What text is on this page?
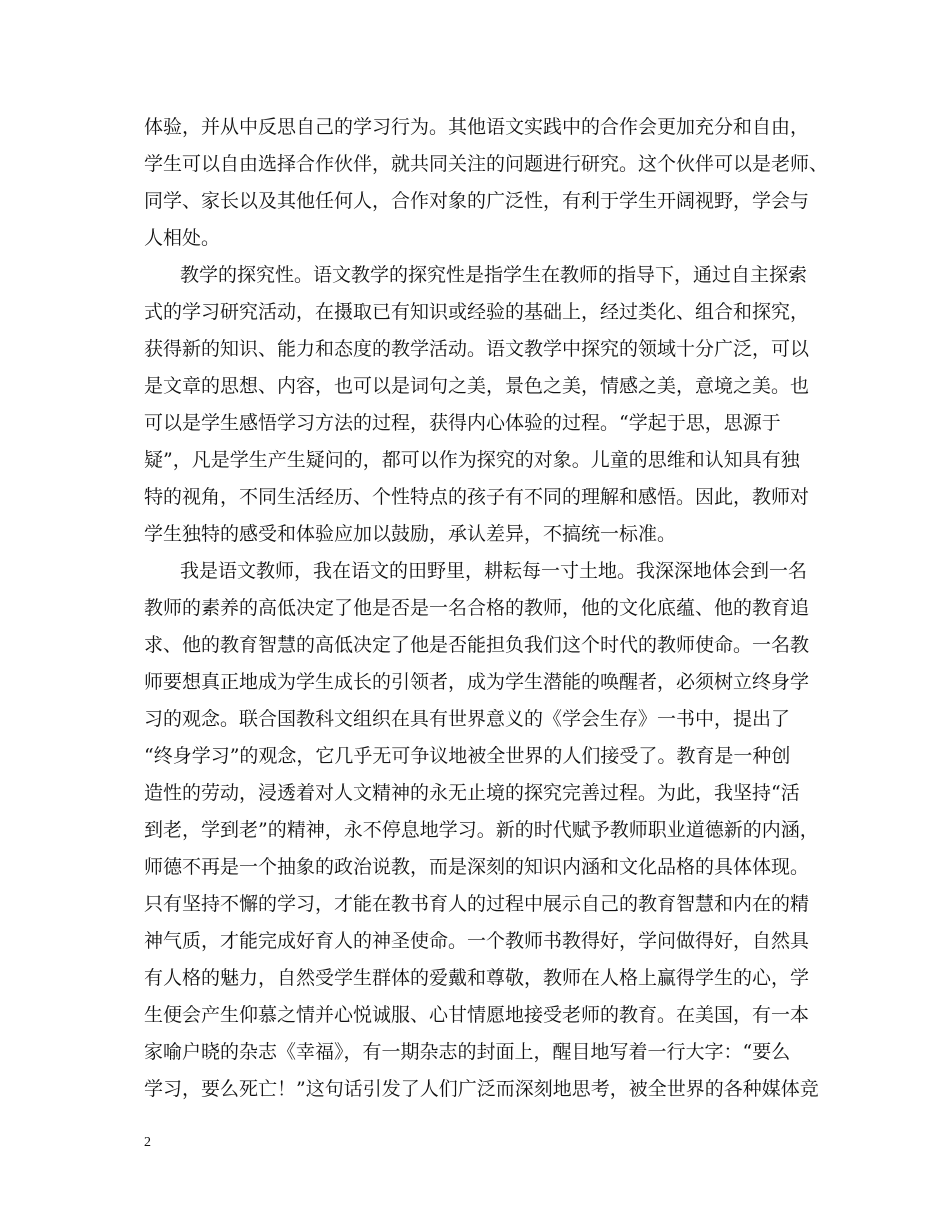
体验，并从中反思自己的学习行为。其他语文实践中的合作会更加充分和自由，
学生可以自由选择合作伙伴，就共同关注的问题进行研究。这个伙伴可以是老师、
同学、家长以及其他任何人，合作对象的广泛性，有利于学生开阔视野，学会与
人相处。
教学的探究性。语文教学的探究性是指学生在教师的指导下，通过自主探索
式的学习研究活动，在摄取已有知识或经验的基础上，经过类化、组合和探究，
获得新的知识、能力和态度的教学活动。语文教学中探究的领域十分广泛，可以
是文章的思想、内容，也可以是词句之美，景色之美，情感之美，意境之美。也
可以是学生感悟学习方法的过程，获得内心体验的过程。“学起于思，思源于
疑”，凡是学生产生疑问的，都可以作为探究的对象。儿童的思维和认知具有独
特的视角，不同生活经历、个性特点的孩子有不同的理解和感悟。因此，教师对
学生独特的感受和体验应加以鼓励，承认差异，不搞统一标准。
我是语文教师，我在语文的田野里，耕耘每一寸土地。我深深地体会到一名
教师的素养的高低决定了他是否是一名合格的教师，他的文化底蕴、他的教育追
求、他的教育智慧的高低决定了他是否能担负我们这个时代的教师使命。一名教
师要想真正地成为学生成长的引领者，成为学生潜能的唤醒者，必须树立终身学
习的观念。联合国教科文组织在具有世界意义的《学会生存》一书中，提出了
“终身学习”的观念，它几乎无可争议地被全世界的人们接受了。教育是一种创
造性的劳动，浸透着对人文精神的永无止境的探究完善过程。为此，我坚持“活
到老，学到老”的精神，永不停息地学习。新的时代赋予教师职业道德新的内涵，
师德不再是一个抽象的政治说教，而是深刻的知识内涵和文化品格的具体体现。
只有坚持不懈的学习，才能在教书育人的过程中展示自己的教育智慧和内在的精
神气质，才能完成好育人的神圣使命。一个教师书教得好，学问做得好，自然具
有人格的魅力，自然受学生群体的爱戴和尊敬，教师在人格上赢得学生的心，学
生便会产生仰慕之情并心悦诚服、心甘情愿地接受老师的教育。在美国，有一本
家喻户晓的杂志《幸福》，有一期杂志的封面上，醒目地写着一行大字：“要么
学习，要么死亡！”这句话引发了人们广泛而深刻地思考，被全世界的各种媒体竞
2
